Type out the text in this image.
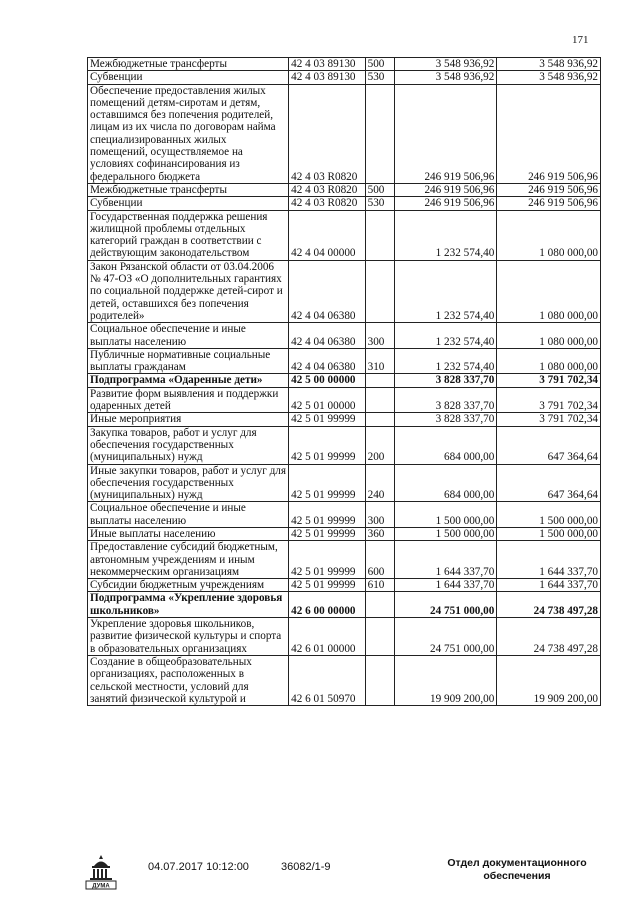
171
Межбюджетные трансферты	42 4 03 89130	500	3 548 936,92	3 548 936,92
Субвенции	42 4 03 89130	530	3 548 936,92	3 548 936,92
Обеспечение предоставления жилых помещений детям-сиротам и детям, оставшимся без попечения родителей, лицам из их числа по договорам найма специализированных жилых помещений, осуществляемое на условиях софинансирования из федерального бюджета	42 4 03 R0820		246 919 506,96	246 919 506,96
Межбюджетные трансферты	42 4 03 R0820	500	246 919 506,96	246 919 506,96
Субвенции	42 4 03 R0820	530	246 919 506,96	246 919 506,96
Государственная поддержка решения жилищной проблемы отдельных категорий граждан в соответствии с действующим законодательством	42 4 04 00000		1 232 574,40	1 080 000,00
Закон Рязанской области от 03.04.2006 № 47-ОЗ «О дополнительных гарантиях по социальной поддержке детей-сирот и детей, оставшихся без попечения родителей»	42 4 04 06380		1 232 574,40	1 080 000,00
Социальное обеспечение и иные выплаты населению	42 4 04 06380	300	1 232 574,40	1 080 000,00
Публичные нормативные социальные выплаты гражданам	42 4 04 06380	310	1 232 574,40	1 080 000,00
Подпрограмма «Одаренные дети»	42 5 00 00000		3 828 337,70	3 791 702,34
Развитие форм выявления и поддержки одаренных детей	42 5 01 00000		3 828 337,70	3 791 702,34
Иные мероприятия	42 5 01 99999		3 828 337,70	3 791 702,34
Закупка товаров, работ и услуг для обеспечения государственных (муниципальных) нужд	42 5 01 99999	200	684 000,00	647 364,64
Иные закупки товаров, работ и услуг для обеспечения государственных (муниципальных) нужд	42 5 01 99999	240	684 000,00	647 364,64
Социальное обеспечение и иные выплаты населению	42 5 01 99999	300	1 500 000,00	1 500 000,00
Иные выплаты населению	42 5 01 99999	360	1 500 000,00	1 500 000,00
Предоставление субсидий бюджетным, автономным учреждениям и иным некоммерческим организациям	42 5 01 99999	600	1 644 337,70	1 644 337,70
Субсидии бюджетным учреждениям	42 5 01 99999	610	1 644 337,70	1 644 337,70
Подпрограмма «Укрепление здоровья школьников»	42 6 00 00000		24 751 000,00	24 738 497,28
Укрепление здоровья школьников, развитие физической культуры и спорта в образовательных организациях	42 6 01 00000		24 751 000,00	24 738 497,28
Создание в общеобразовательных организациях, расположенных в сельской местности, условий для занятий физической культурой и	42 6 01 50970		19 909 200,00	19 909 200,00
ДУМА
04.07.2017 10:12:00	36082/1-9	Отдел документационного
обеспечения
